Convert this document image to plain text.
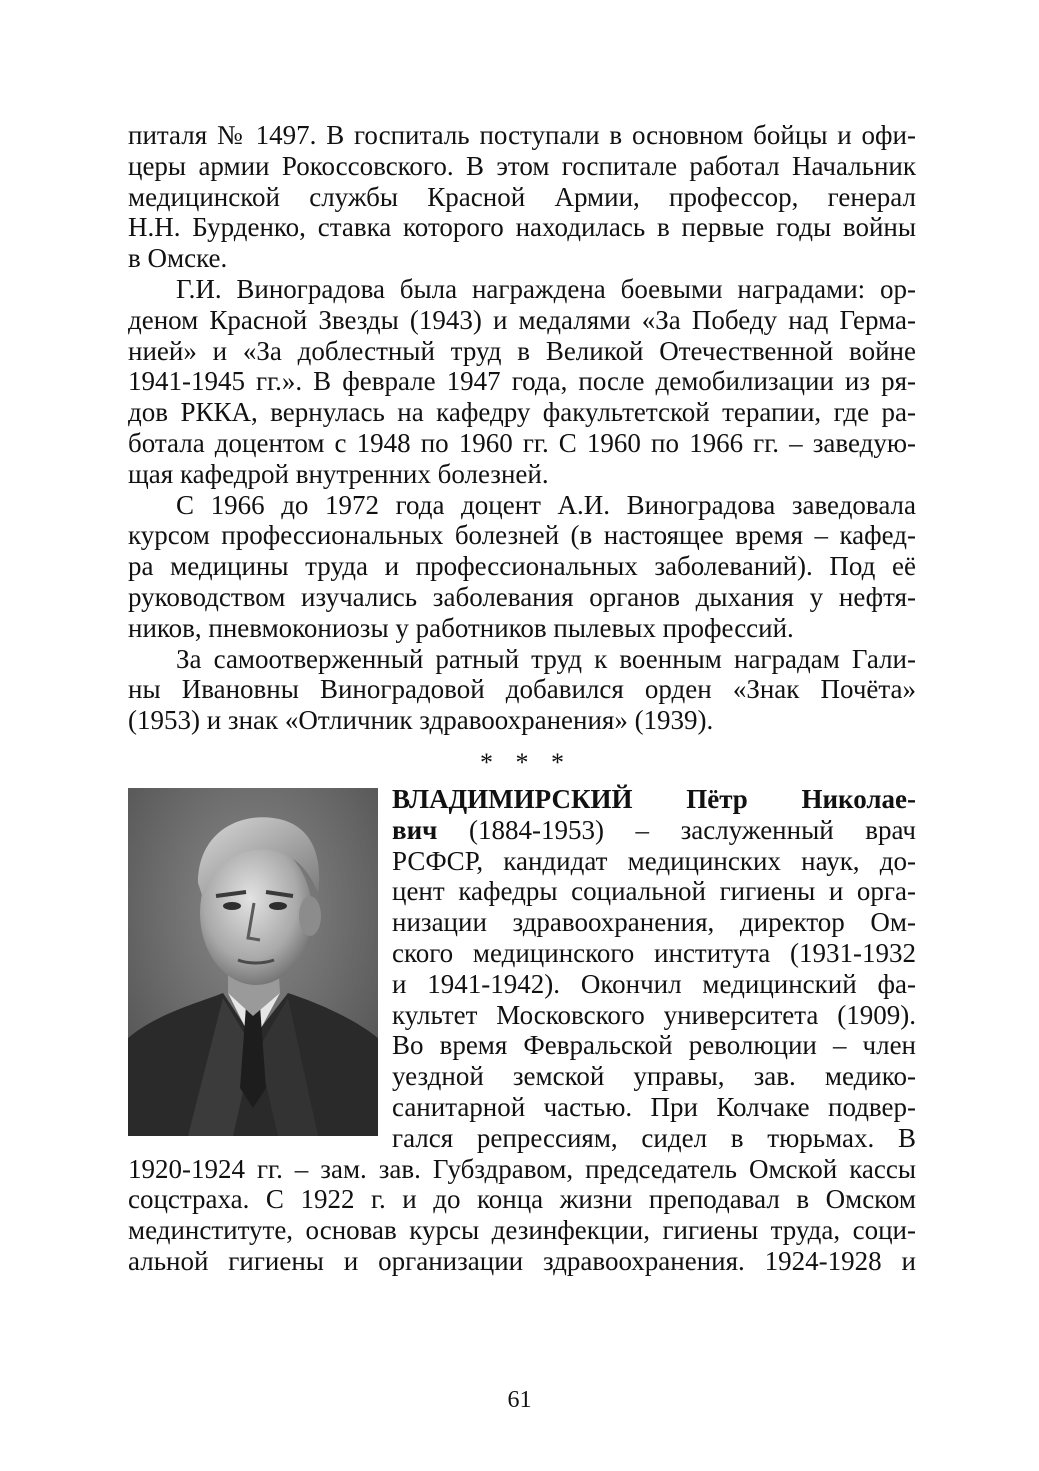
питаля № 1497. В госпиталь поступали в основном бойцы и офи-
церы армии Рокоссовского. В этом госпитале работал Начальник
медицинской службы Красной Армии, профессор, генерал
Н.Н. Бурденко, ставка которого находилась в первые годы войны
в Омске.

Г.И. Виноградова была награждена боевыми наградами: ор-
деном Красной Звезды (1943) и медалями «За Победу над Герма-
нией» и «За доблестный труд в Великой Отечественной войне
1941-1945 гг.». В феврале 1947 года, после демобилизации из ря-
дов РККА, вернулась на кафедру факультетской терапии, где ра-
ботала доцентом с 1948 по 1960 гг. С 1960 по 1966 гг. – заведую-
щая кафедрой внутренних болезней.

С 1966 до 1972 года доцент А.И. Виноградова заведовала
курсом профессиональных болезней (в настоящее время – кафед-
ра медицины труда и профессиональных заболеваний). Под её
руководством изучались заболевания органов дыхания у нефтя-
ников, пневмокониозы у работников пылевых профессий.

За самоотверженный ратный труд к военным наградам Гали-
ны Ивановны Виноградовой добавился орден «Знак Почёта»
(1953) и знак «Отличник здравоохранения» (1939).

* * *
ВЛАДИМИРСКИЙ Пётр Николае-
вич (1884-1953) – заслуженный врач
РСФСР, кандидат медицинских наук, до-
цент кафедры социальной гигиены и орга-
низации здравоохранения, директор Ом-
ского медицинского института (1931-1932
и 1941-1942). Окончил медицинский фа-
культет Московского университета (1909).
Во время Февральской революции – член
уездной земской управы, зав. медико-
санитарной частью. При Колчаке подвер-
гался репрессиям, сидел в тюрьмах. В
1920-1924 гг. – зам. зав. Губздравом, председатель Омской кассы
соцстраха. С 1922 г. и до конца жизни преподавал в Омском
мединституте, основав курсы дезинфекции, гигиены труда, соци-
альной гигиены и организации здравоохранения. 1924-1928 и
61
